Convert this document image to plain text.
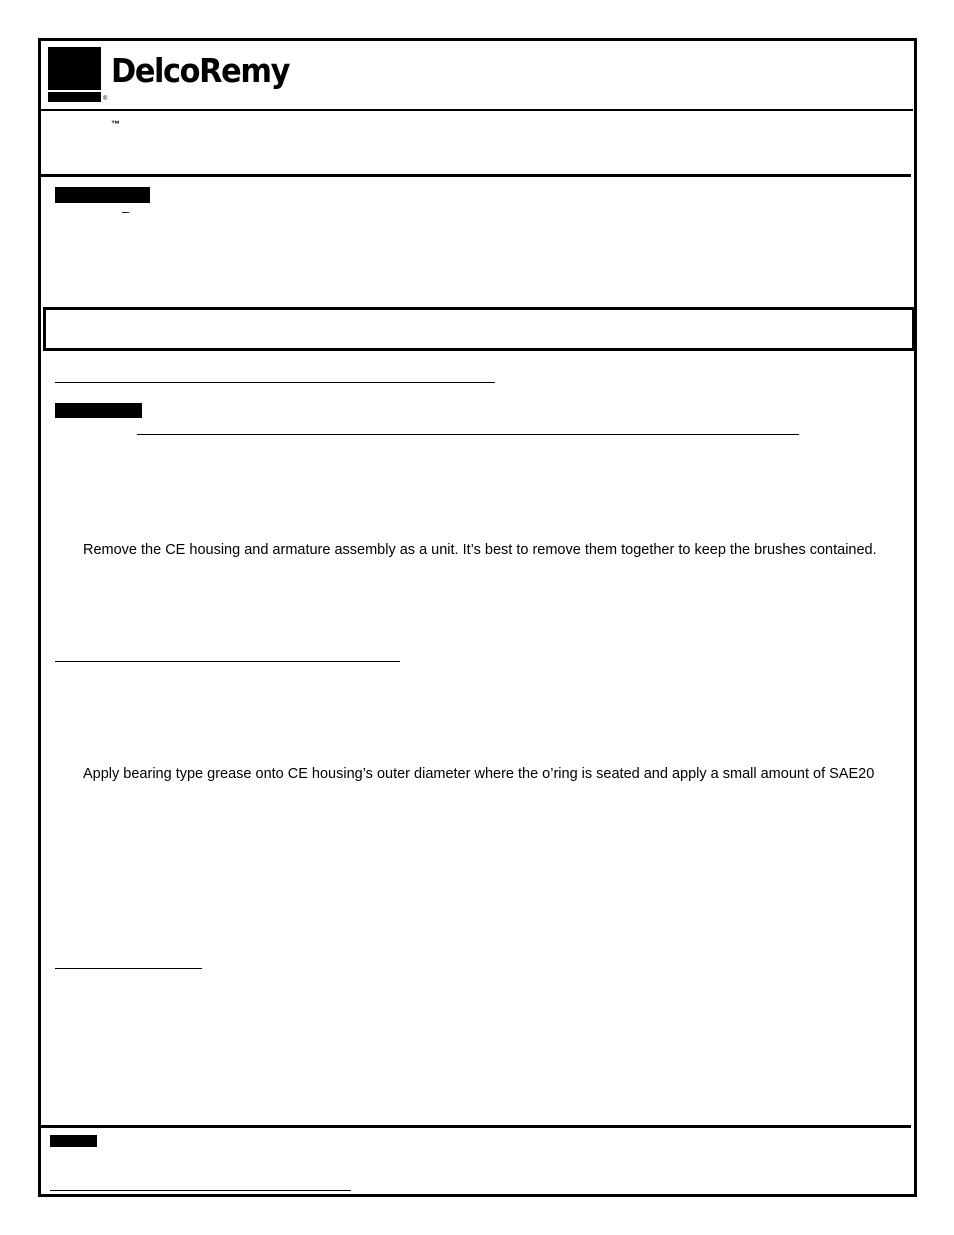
DelcoRemy
®
™
–
Remove the CE housing and armature assembly as a unit. It’s best to remove them together to keep the brushes contained.
Apply bearing type grease onto CE housing’s outer diameter where the o’ring is seated and apply a small amount of SAE20
